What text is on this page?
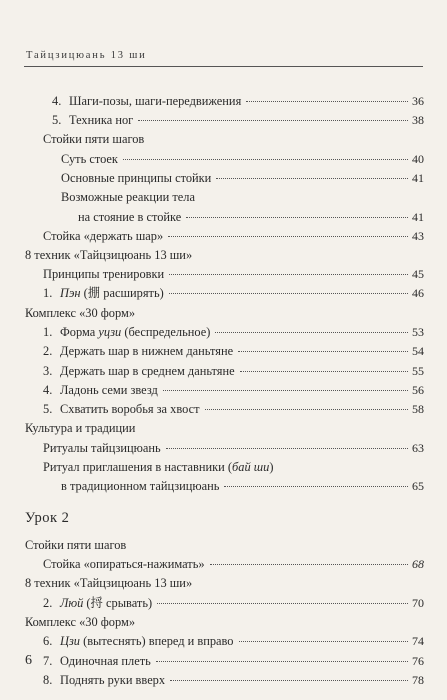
Тайцзицюань 13 ши
4. Шаги-позы, шаги-передвижения	36
5. Техника ног	38
Стойки пяти шагов
Суть стоек	40
Основные принципы стойки	41
Возможные реакции тела
на стояние в стойке	41
Стойка «держать шар»	43
8 техник «Тайцзицюань 13 ши»
Принципы тренировки	45
1. Пэн (掤 расширять)	46
Комплекс «30 форм»
1. Форма уцзи (беспредельное)	53
2. Держать шар в нижнем даньтяне	54
3. Держать шар в среднем даньтяне	55
4. Ладонь семи звезд	56
5. Схватить воробья за хвост	58
Культура и традиции
Ритуалы тайцзицюань	63
Ритуал приглашения в наставники (бай ши)
в традиционном тайцзицюань	65
Урок 2
Стойки пяти шагов
Стойка «опираться-нажимать»	68
8 техник «Тайцзицюань 13 ши»
2. Люй (捋 срывать)	70
Комплекс «30 форм»
6. Цзи (вытеснять) вперед и вправо	74
7. Одиночная плеть	76
8. Поднять руки вверх	78
6
